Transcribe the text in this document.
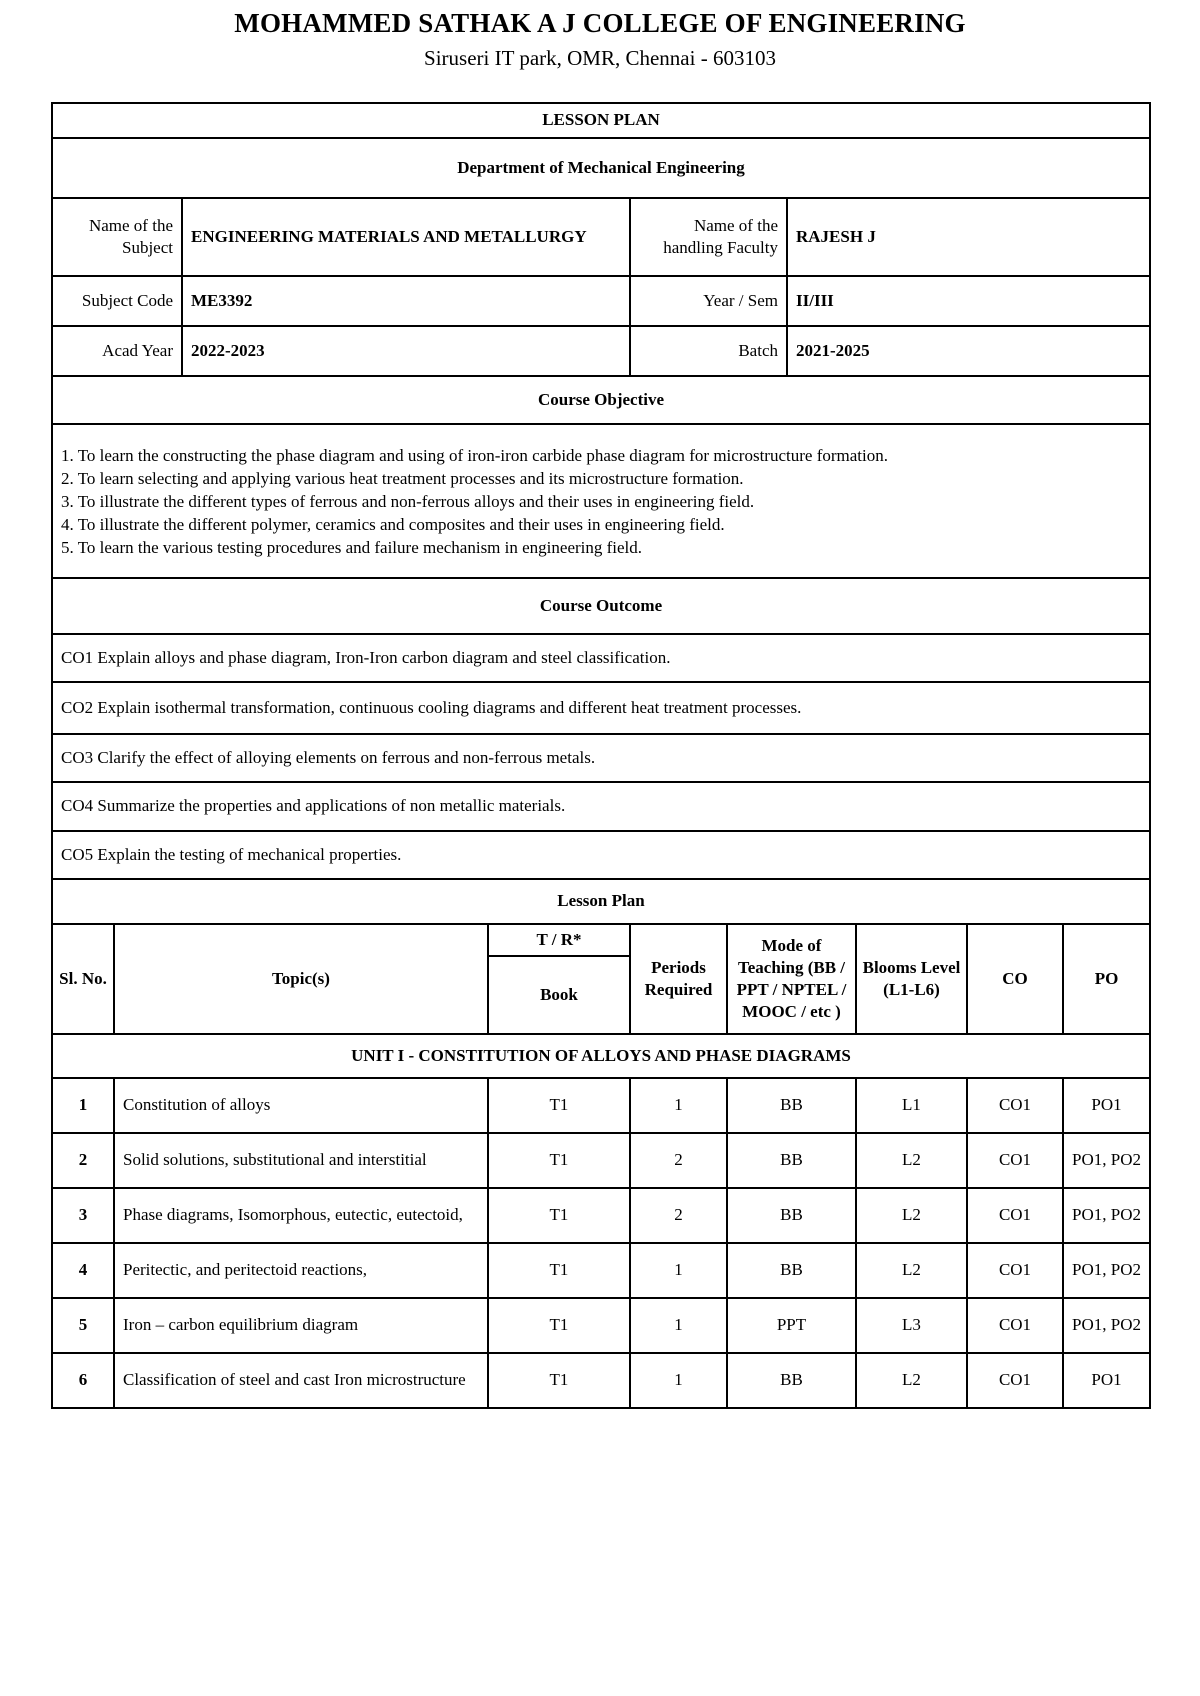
MOHAMMED SATHAK A J COLLEGE OF ENGINEERING
Siruseri IT park, OMR, Chennai - 603103
LESSON PLAN									
Department of Mechanical Engineering									
Name of the Subject		ENGINEERING MATERIALS AND METALLURGY		Name of the handling Faculty		RAJESH J			
Subject Code		ME3392		Year / Sem		II/III			
Acad Year		2022-2023		Batch		2021-2025			
Course Objective									

1. To learn the constructing the phase diagram and using of iron-iron carbide phase diagram for microstructure formation.
2. To learn selecting and applying various heat treatment processes and its microstructure formation.
3. To illustrate the different types of ferrous and non-ferrous alloys and their uses in engineering field.
4. To illustrate the different polymer, ceramics and composites and their uses in engineering field.
5. To learn the various testing procedures and failure mechanism in engineering field.									

Course Outcome									
CO1 Explain alloys and phase diagram, Iron-Iron carbon diagram and steel classification.									
CO2 Explain isothermal transformation, continuous cooling diagrams and different heat treatment processes.									
CO3 Clarify the effect of alloying elements on ferrous and non-ferrous metals.									
CO4 Summarize the properties and applications of non metallic materials.									
CO5 Explain the testing of mechanical properties.									
Lesson Plan									
Sl. No.	Topic(s)		T / R*	Periods Required	Mode of Teaching (BB / PPT / NPTEL / MOOC / etc )		Blooms Level (L1-L6)	CO	PO
			Book						
UNIT I - CONSTITUTION OF ALLOYS AND PHASE DIAGRAMS									
1	Constitution of alloys		T1	1	BB		L1	CO1	PO1
2	Solid solutions, substitutional and interstitial		T1	2	BB		L2	CO1	PO1, PO2
3	Phase diagrams, Isomorphous, eutectic, eutectoid,		T1	2	BB		L2	CO1	PO1, PO2
4	Peritectic, and peritectoid reactions,		T1	1	BB		L2	CO1	PO1, PO2
5	Iron – carbon equilibrium diagram		T1	1	PPT		L3	CO1	PO1, PO2
6	Classification of steel and cast Iron microstructure		T1	1	BB		L2	CO1	PO1
